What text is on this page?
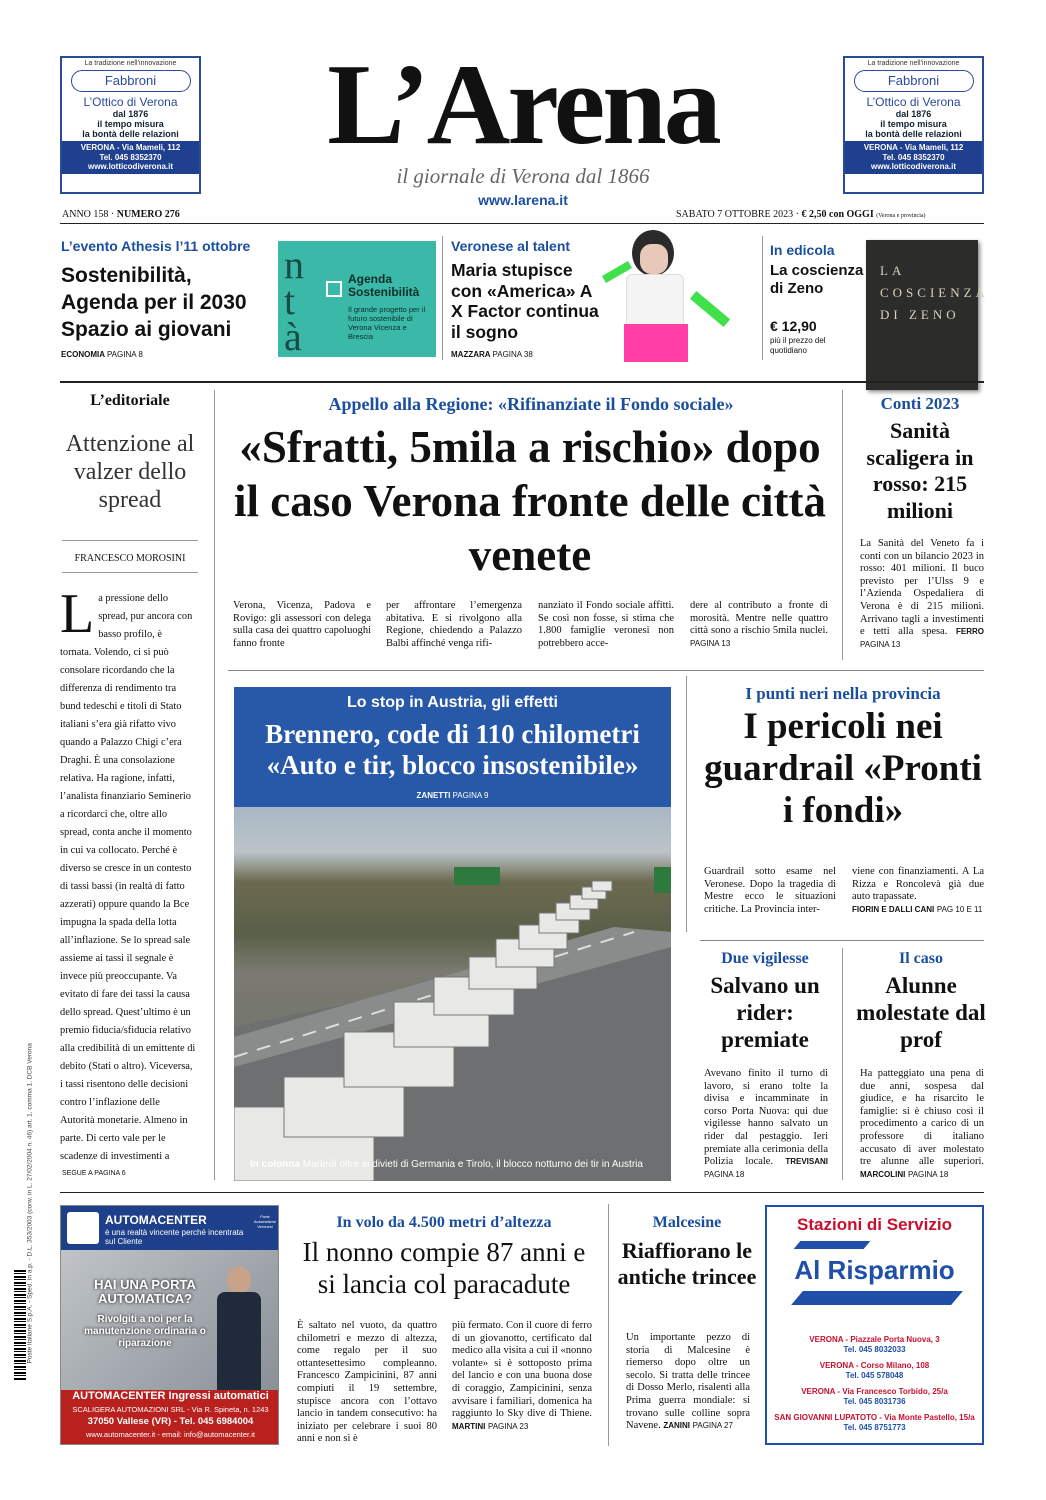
La tradizione nell’innovazione
Fabbroni
L’Ottico di Verona
dal 1876
il tempo misura
la bontà delle relazioni
VERONA - Via Mameli, 112
Tel. 045 8352370
www.lotticodiverona.it
La tradizione nell’innovazione
Fabbroni
L’Ottico di Verona
dal 1876
il tempo misura
la bontà delle relazioni
VERONA - Via Mameli, 112
Tel. 045 8352370
www.lotticodiverona.it
L’Arena
il giornale di Verona dal 1866
www.larena.it
ANNO 158 · NUMERO 276	SABATO 7 OTTOBRE 2023 · € 2,50 con OGGI (Verona e provincia)
L’evento Athesis l’11 ottobre
Sostenibilità, Agenda per il 2030 Spazio ai giovani
ECONOMIA PAGINA 8
n
t
à
Agenda Sostenibilità
Il grande progetto per il futuro sostenibile di Verona Vicenza e Brescia
Veronese al talent
Maria stupisce con «America» A X Factor continua il sogno
MAZZARA PAGINA 38
In edicola
La coscienza di Zeno
€ 12,90
più il prezzo del quotidiano
LA COSCIENZA DI ZENO
L’editoriale
Attenzione al valzer dello spread
FRANCESCO MOROSINI
L a pressione dello spread, pur ancora con basso profilo, è tornata. Volendo, ci si può consolare ricordando che la differenza di rendimento tra bund tedeschi e titoli di Stato italiani s’era già rifatto vivo quando a Palazzo Chigi c’era Draghi. È una consolazione relativa. Ha ragione, infatti, l’analista finanziario Seminerio a ricordarci che, oltre allo spread, conta anche il momento in cui va collocato. Perché è diverso se cresce in un contesto di tassi bassi (in realtà di fatto azzerati) oppure quando la Bce impugna la spada della lotta all’inflazione. Se lo spread sale assieme ai tassi il segnale è invece più preoccupante. Va evitato di fare dei tassi la causa dello spread. Quest’ultimo è un premio fiducia/sfiducia relativo alla credibilità di un emittente di debito (Stati o altro). Viceversa, i tassi risentono delle decisioni contro l’inflazione delle Autorità monetarie. Almeno in parte. Di certo vale per le scadenze di investimenti a
SEGUE A PAGINA 6
Appello alla Regione: «Rifinanziate il Fondo sociale»
«Sfratti, 5mila a rischio» dopo il caso Verona fronte delle città venete
Verona, Vicenza, Padova e Rovigo: gli assessori con delega sulla casa dei quattro capoluoghi fanno fronte
per affrontare l’emergenza abitativa. E si rivolgono alla Regione, chiedendo a Palazzo Balbi affinché venga rifi-
nanziato il Fondo sociale affitti. Se così non fosse, si stima che 1.800 famiglie veronesi non potrebbero acce-
dere al contributo a fronte di morosità. Mentre nelle quattro città sono a rischio 5mila nuclei. PAGINA 13
Conti 2023
Sanità scaligera in rosso: 215 milioni
La Sanità del Veneto fa i conti con un bilancio 2023 in rosso: 401 milioni. Il buco previsto per l’Ulss 9 e l’Azienda Ospedaliera di Verona è di 215 milioni. Arrivano tagli a investimenti e tetti alla spesa. FERRO PAGINA 13
Lo stop in Austria, gli effetti
Brennero, code di 110 chilometri «Auto e tir, blocco insostenibile»
ZANETTI PAGINA 9
In colonna Martedì oltre ai divieti di Germania e Tirolo, il blocco notturno dei tir in Austria
I punti neri nella provincia
I pericoli nei guardrail «Pronti i fondi»
Guardrail sotto esame nel Veronese. Dopo la tragedia di Mestre ecco le situazioni critiche. La Provincia inter-
viene con finanziamenti. A La Rizza e Roncolevà già due auto trapassate.
FIORIN E DALLI CANI PAG 10 E 11
Due vigilesse
Salvano un rider: premiate
Avevano finito il turno di lavoro, si erano tolte la divisa e incamminate in corso Porta Nuova: qui due vigilesse hanno salvato un rider dal pestaggio. Ieri premiate alla cerimonia della Polizia locale. TREVISANI PAGINA 18
Il caso
Alunne molestate dal prof
Ha patteggiato una pena di due anni, sospesa dal giudice, e ha risarcito le famiglie: si è chiuso così il procedimento a carico di un professore di italiano accusato di aver molestato tre alunne alle superiori. MARCOLINI PAGINA 18
AUTOMACENTER
è una realtà vincente perché incentrata sul Cliente
Porte Automatiche Veronesi
HAI UNA PORTA AUTOMATICA?
Rivolgiti a noi per la manutenzione ordinaria o riparazione
AUTOMACENTER Ingressi automatici
SCALIGERA AUTOMAZIONI SRL - Via R. Spineta, n. 1243
37050 Vallese (VR) - Tel. 045 6984004
www.automacenter.it - email: info@automacenter.it
In volo da 4.500 metri d’altezza
Il nonno compie 87 anni e si lancia col paracadute
È saltato nel vuoto, da quattro chilometri e mezzo di altezza, come regalo per il suo ottantesettesimo compleanno. Francesco Zampicinini, 87 anni compiuti il 19 settembre, stupisce ancora con l’ottavo lancio in tandem consecutivo: ha iniziato per celebrare i suoi 80 anni e non si è
più fermato. Con il cuore di ferro di un giovanotto, certificato dal medico alla visita a cui il «nonno volante» si è sottoposto prima del lancio e con una buona dose di coraggio, Zampicinini, senza avvisare i familiari, domenica ha raggiunto lo Sky dive di Thiene. MARTINI PAGINA 23
Malcesine
Riaffiorano le antiche trincee
Un importante pezzo di storia di Malcesine è riemerso dopo oltre un secolo. Si tratta delle trincee di Dosso Merlo, risalenti alla Prima guerra mondiale: si trovano sulle colline sopra Navene. ZANINI PAGINA 27
Stazioni di Servizio
Al Risparmio
VERONA - Piazzale Porta Nuova, 3
Tel. 045 8032033
VERONA - Corso Milano, 108
Tel. 045 578048
VERONA - Via Francesco Torbido, 25/a
Tel. 045 8031736
SAN GIOVANNI LUPATOTO - Via Monte Pastello, 15/a
Tel. 045 8751773
Poste Italiane S.p.A. - Sped. in a.p. - D.L. 353/2003 (conv. in L. 27/02/2004 n. 46) art. 1, comma 1, DCB Verona
